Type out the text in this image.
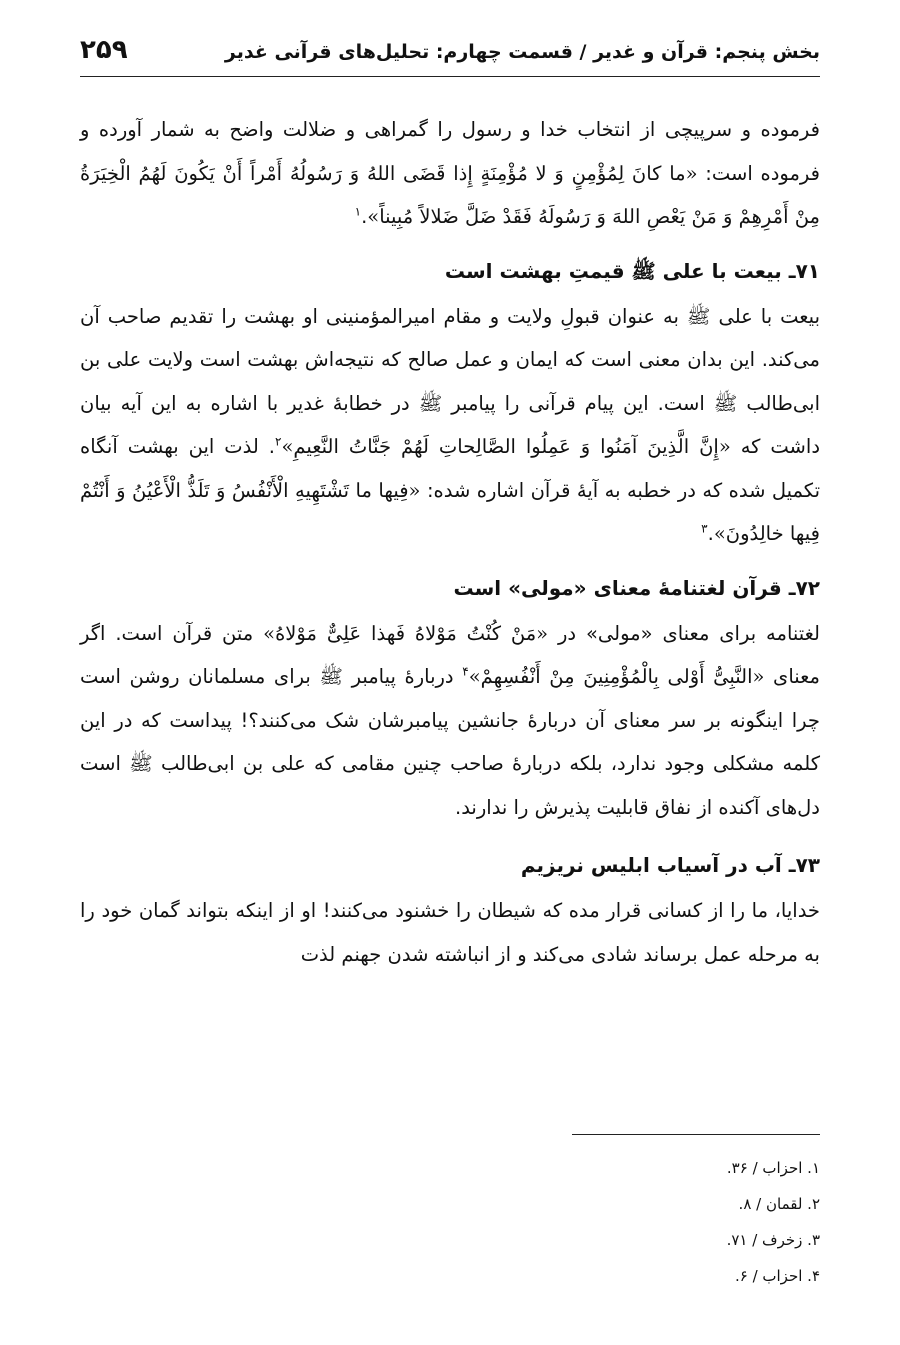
بخش پنجم: قرآن و غدیر / قسمت چهارم: تحلیل‌های قرآنی غدیر
۲۵۹

فرموده و سرپیچی از انتخاب خدا و رسول را گمراهی و ضلالت واضح به شمار آورده و فرموده است: «ما کانَ لِمُؤْمِنٍ وَ لا مُؤْمِنَةٍ إِذا قَضَی اللهُ وَ رَسُولُهُ أَمْراً أَنْ یَکُونَ لَهُمُ الْخِیَرَةُ مِنْ أَمْرِهِمْ وَ مَنْ یَعْصِ اللهَ وَ رَسُولَهُ فَقَدْ ضَلَّ ضَلالاً مُبِیناً».$^۱$

۷۱ـ بیعت با علی ﷺ قیمتِ بهشت است

بیعت با علی ﷺ به عنوان قبولِ ولایت و مقام امیرالمؤمنینی او بهشت را تقدیم صاحب آن می‌کند. این بدان معنی است که ایمان و عمل صالح که نتیجه‌اش بهشت است ولایت علی بن ابی‌طالب ﷺ است. این پیام قرآنی را پیامبر ﷺ در خطابهٔ غدیر با اشاره به این آیه بیان داشت که «إِنَّ الَّذِینَ آمَنُوا وَ عَمِلُوا الصَّالِحاتِ لَهُمْ جَنَّاتُ النَّعِیمِ»$^۲$. لذت این بهشت آنگاه تکمیل شده که در خطبه به آیهٔ قرآن اشاره شده: «فِیها ما تَشْتَهِیهِ الْأَنْفُسُ وَ تَلَذُّ الْأَعْیُنُ وَ أَنْتُمْ فِیها خالِدُونَ».$^۳$

۷۲ـ قرآن لغتنامهٔ معنای «مولی» است

لغتنامه برای معنای «مولی» در «مَنْ کُنْتُ مَوْلاهُ فَهذا عَلِیٌّ مَوْلاهُ» متن قرآن است. اگر معنای «النَّبِیُّ أَوْلی بِالْمُؤْمِنِینَ مِنْ أَنْفُسِهِمْ»$^۴$ دربارهٔ پیامبر ﷺ برای مسلمانان روشن است چرا اینگونه بر سر معنای آن دربارهٔ جانشین پیامبرشان شک می‌کنند؟! پیداست که در این کلمه مشکلی وجود ندارد، بلکه دربارهٔ صاحب چنین مقامی که علی بن ابی‌طالب ﷺ است دل‌های آکنده از نفاق قابلیت پذیرش را ندارند.

۷۳ـ آب در آسیاب ابلیس نریزیم

خدایا، ما را از کسانی قرار مده که شیطان را خشنود می‌کنند! او از اینکه بتواند گمان خود را به مرحله عمل برساند شادی می‌کند و از انباشته شدن جهنم لذت

۱. احزاب / ۳۶.
۲. لقمان / ۸.
۳. زخرف / ۷۱.
۴. احزاب / ۶.
